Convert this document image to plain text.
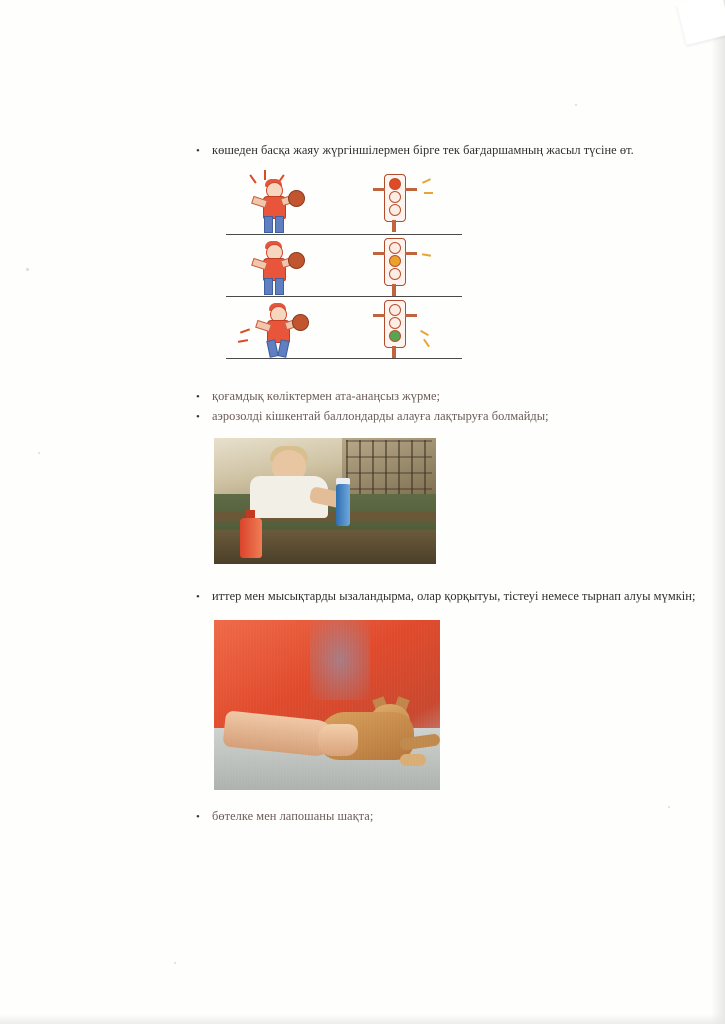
• көшеден басқа жаяу жүргіншілермен бірге тек бағдаршамның жасыл түсіне өт.
• қоғамдық көліктермен ата-анаңсыз жүрме;
• аэрозолді кішкентай баллондарды алауға лақтыруға болмайды;
• иттер мен мысықтарды ызаландырма, олар қорқытуы, тістеуі немесе тырнап алуы мүмкін;
• бөтелке мен лапошаны шақта;
